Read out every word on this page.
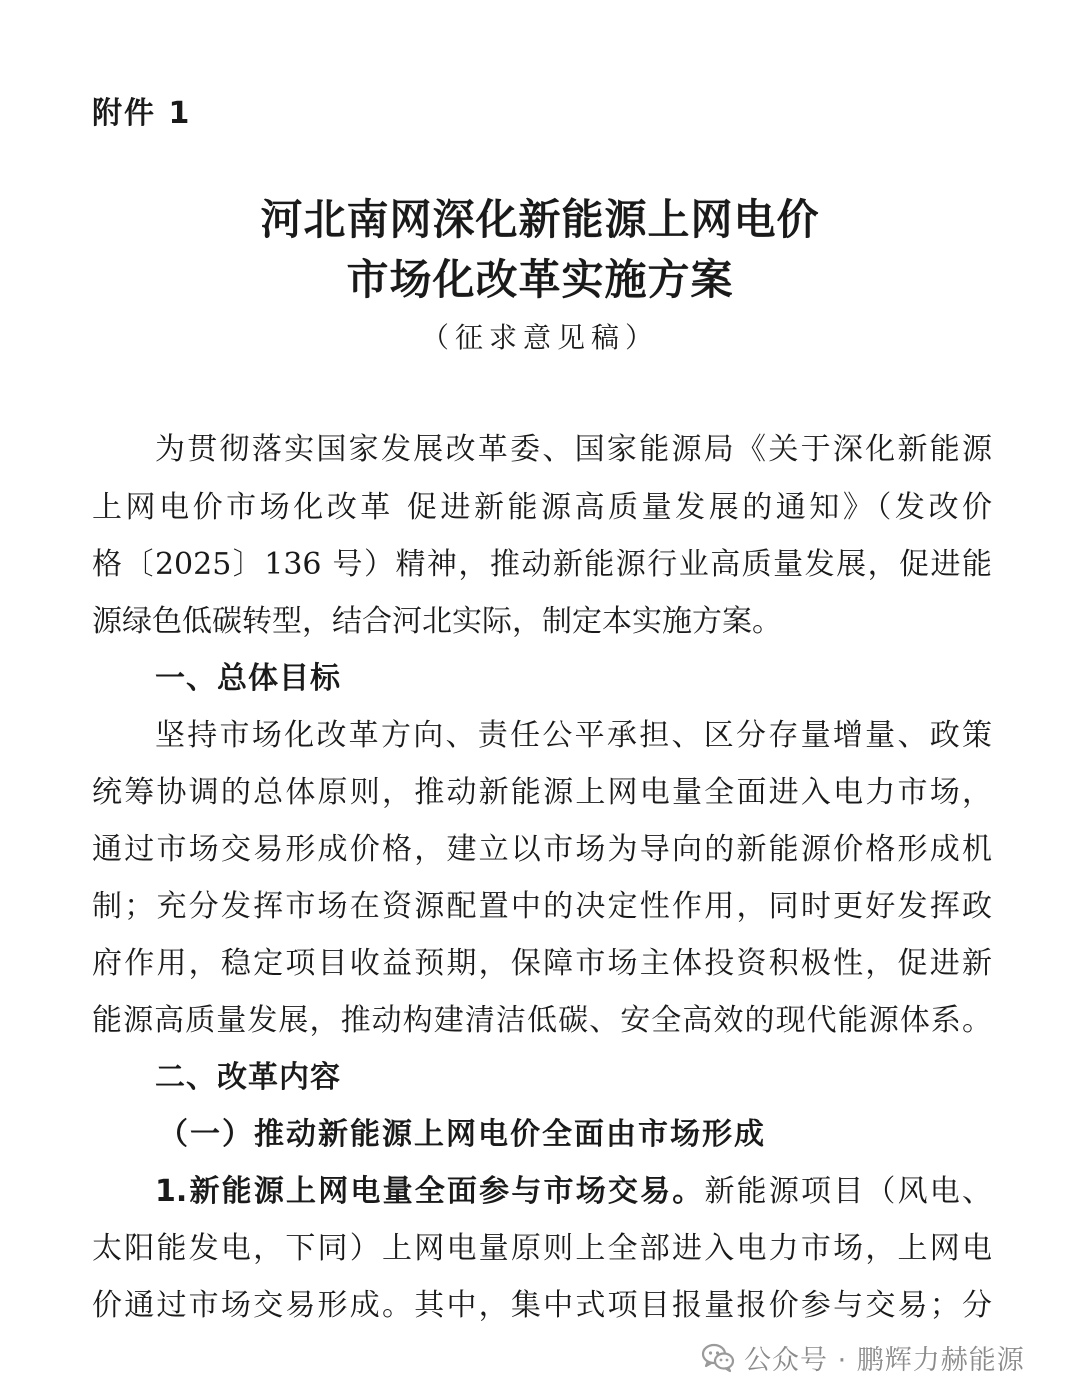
附件 1
河北南网深化新能源上网电价
市场化改革实施方案
（征求意见稿）
为贯彻落实国家发展改革委、国家能源局《关于深化新能源
上网电价市场化改革 促进新能源高质量发展的通知》（发改价
格〔2025〕136 号）精神，推动新能源行业高质量发展，促进能
源绿色低碳转型，结合河北实际，制定本实施方案。
一、总体目标
坚持市场化改革方向、责任公平承担、区分存量增量、政策
统筹协调的总体原则，推动新能源上网电量全面进入电力市场，
通过市场交易形成价格，建立以市场为导向的新能源价格形成机
制；充分发挥市场在资源配置中的决定性作用，同时更好发挥政
府作用，稳定项目收益预期，保障市场主体投资积极性，促进新
能源高质量发展，推动构建清洁低碳、安全高效的现代能源体系。
二、改革内容
（一）推动新能源上网电价全面由市场形成
1.新能源上网电量全面参与市场交易。新能源项目（风电、
太阳能发电，下同）上网电量原则上全部进入电力市场，上网电
价通过市场交易形成。其中，集中式项目报量报价参与交易；分
公众号 · 鹏辉力赫能源
